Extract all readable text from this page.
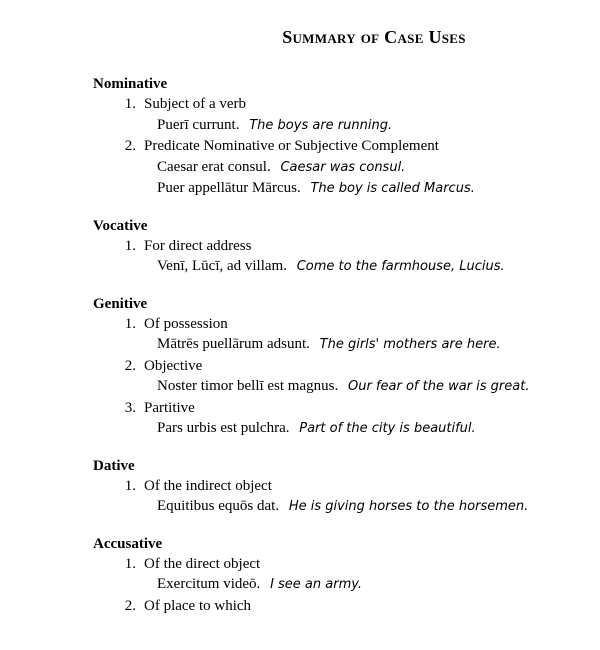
Summary of Case Uses
Nominative
1. Subject of a verb
Puerī currunt. The boys are running.
2. Predicate Nominative or Subjective Complement
Caesar erat consul. Caesar was consul.
Puer appellātur Mārcus. The boy is called Marcus.
Vocative
1. For direct address
Venī, Lūcī, ad villam. Come to the farmhouse, Lucius.
Genitive
1. Of possession
Mātrēs puellārum adsunt. The girls' mothers are here.
2. Objective
Noster timor bellī est magnus. Our fear of the war is great.
3. Partitive
Pars urbis est pulchra. Part of the city is beautiful.
Dative
1. Of the indirect object
Equitibus equōs dat. He is giving horses to the horsemen.
Accusative
1. Of the direct object
Exercitum videō. I see an army.
2. Of place to which
